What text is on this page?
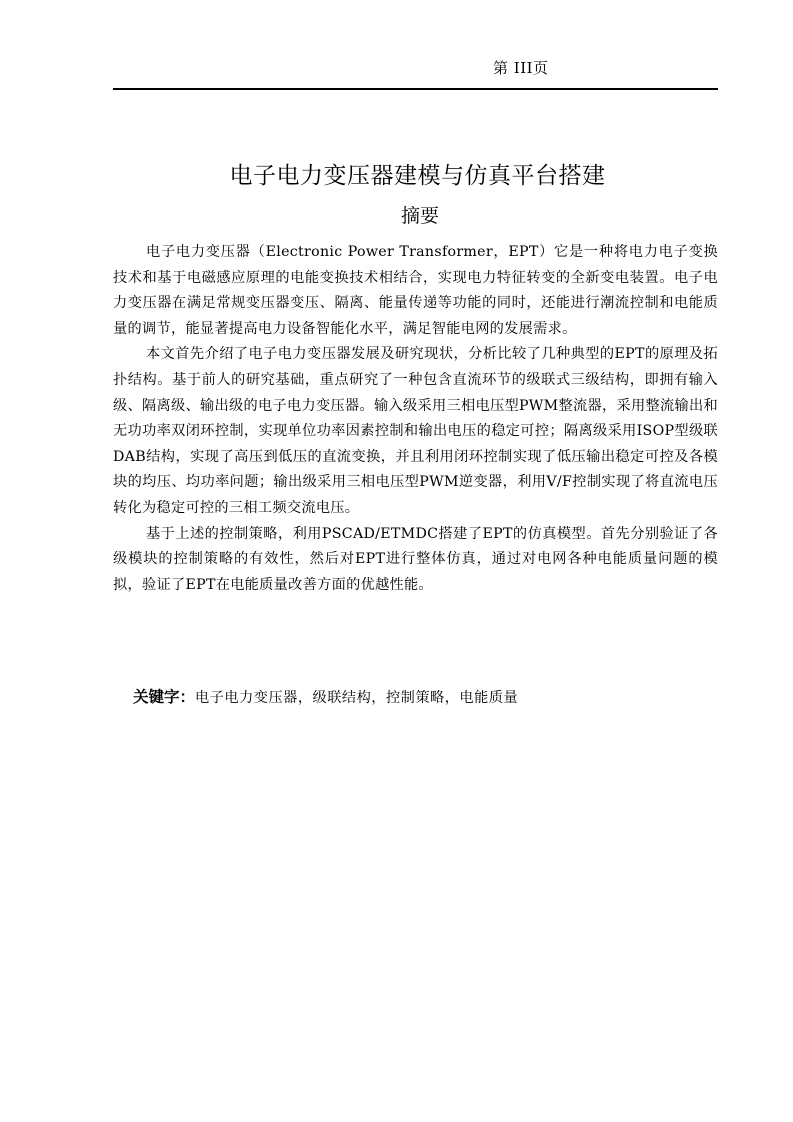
第 III页
电子电力变压器建模与仿真平台搭建
摘要

电子电力变压器（Electronic Power Transformer，EPT）它是一种将电力电子变换技术和基于电磁感应原理的电能变换技术相结合，实现电力特征转变的全新变电装置。电子电力变压器在满足常规变压器变压、隔离、能量传递等功能的同时，还能进行潮流控制和电能质量的调节，能显著提高电力设备智能化水平，满足智能电网的发展需求。

本文首先介绍了电子电力变压器发展及研究现状，分析比较了几种典型的EPT的原理及拓扑结构。基于前人的研究基础，重点研究了一种包含直流环节的级联式三级结构，即拥有输入级、隔离级、输出级的电子电力变压器。输入级采用三相电压型PWM整流器，采用整流输出和无功功率双闭环控制，实现单位功率因素控制和输出电压的稳定可控；隔离级采用ISOP型级联DAB结构，实现了高压到低压的直流变换，并且利用闭环控制实现了低压输出稳定可控及各模块的均压、均功率问题；输出级采用三相电压型PWM逆变器，利用V/F控制实现了将直流电压转化为稳定可控的三相工频交流电压。

基于上述的控制策略，利用PSCAD/ETMDC搭建了EPT的仿真模型。首先分别验证了各级模块的控制策略的有效性，然后对EPT进行整体仿真，通过对电网各种电能质量问题的模拟，验证了EPT在电能质量改善方面的优越性能。

关键字：电子电力变压器，级联结构，控制策略，电能质量
